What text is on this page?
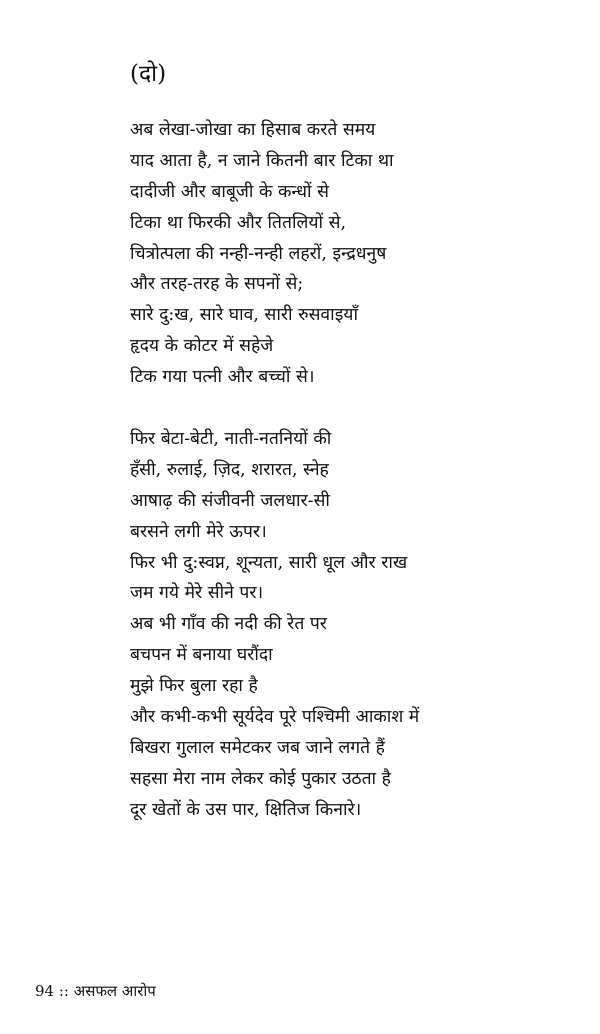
(दो)
अब लेखा-जोखा का हिसाब करते समय
याद आता है, न जाने कितनी बार टिका था
दादीजी और बाबूजी के कन्धों से
टिका था फिरकी और तितलियों से,
चित्रोत्पला की नन्ही-नन्ही लहरों, इन्द्रधनुष
और तरह-तरह के सपनों से;
सारे दु:ख, सारे घाव, सारी रुसवाइयाँ
हृदय के कोटर में सहेजे
टिक गया पत्नी और बच्चों से।
फिर बेटा-बेटी, नाती-नतनियों की
हँसी, रुलाई, ज़िद, शरारत, स्नेह
आषाढ़ की संजीवनी जलधार-सी
बरसने लगी मेरे ऊपर।
फिर भी दु:स्वप्न, शून्यता, सारी धूल और राख
जम गये मेरे सीने पर।
अब भी गाँव की नदी की रेत पर
बचपन में बनाया घरौंदा
मुझे फिर बुला रहा है
और कभी-कभी सूर्यदेव पूरे पश्चिमी आकाश में
बिखरा गुलाल समेटकर जब जाने लगते हैं
सहसा मेरा नाम लेकर कोई पुकार उठता है
दूर खेतों के उस पार, क्षितिज किनारे।
94 :: असफल आरोप
